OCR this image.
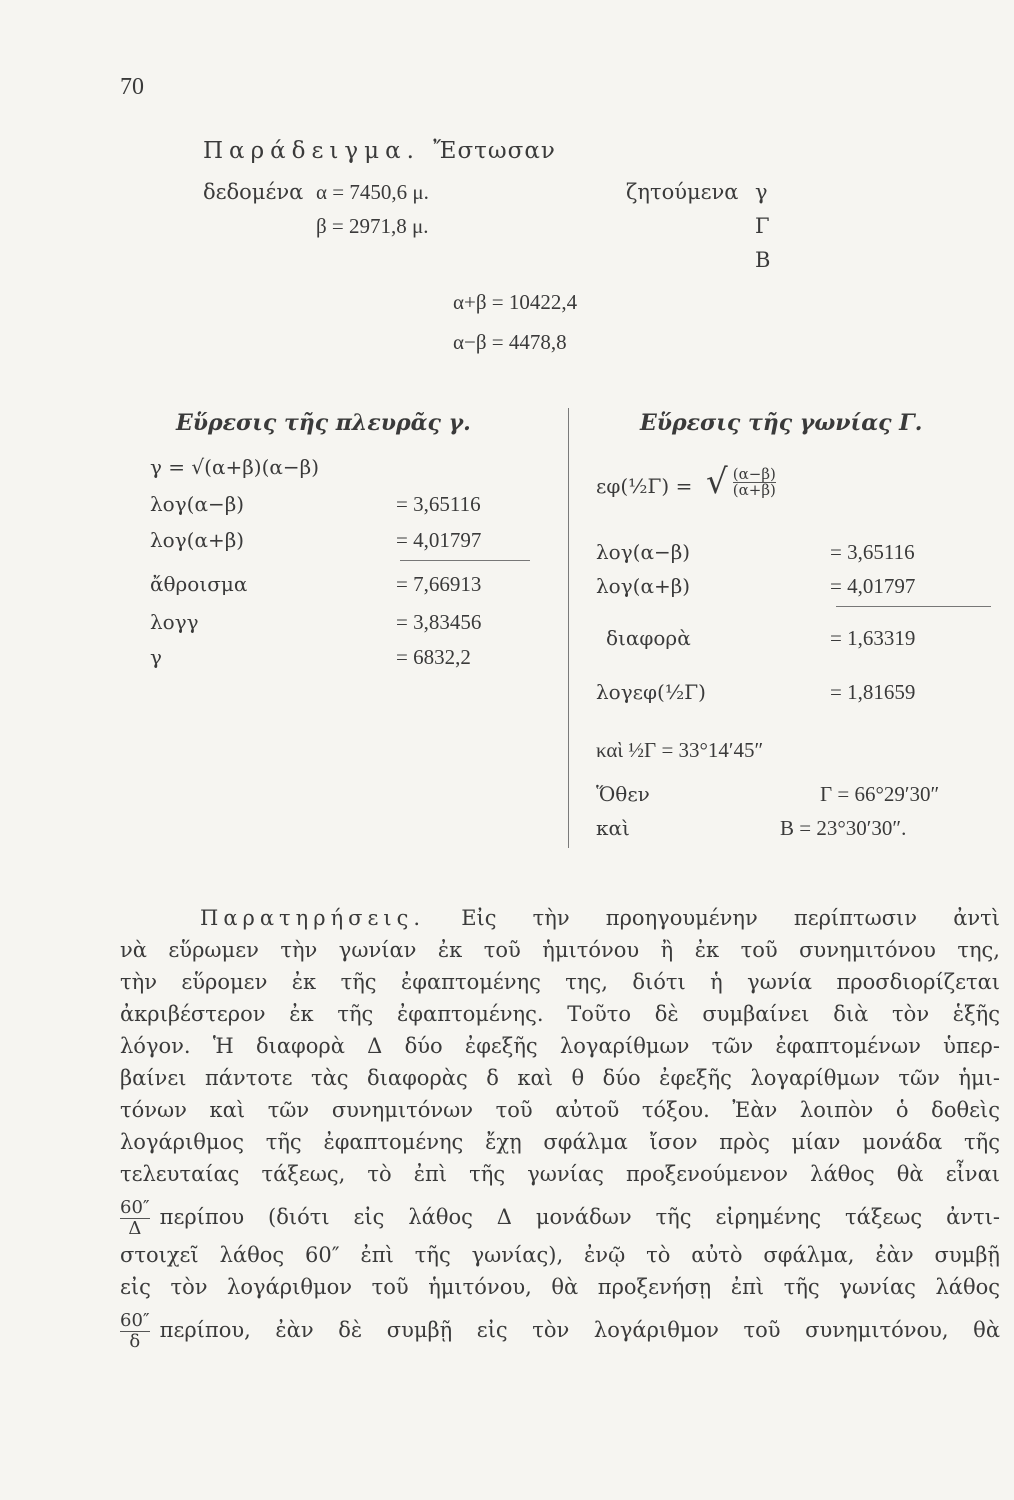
70
Παράδειγμα. Ἔστωσαν
δεδομένα α = 7450,6 μ.
β = 2971,8 μ.
ζητούμενα γ
Γ
Β
α+β = 10422,4
α−β = 4478,8
Εὕρεσις τῆς πλευρᾶς γ.	Εὕρεσις τῆς γωνίας Γ.
γ = √(α+β)(α−β)
λογ(α−β)	= 3,65116
λογ(α+β)	= 4,01797
ἄθροισμα	= 7,66913
λογγ	= 3,83456
γ	= 6832,2
εφ(½Γ) = √ $\frac{(\alpha-\beta)}{(\alpha+\beta)}$
λογ(α−β)	= 3,65116
λογ(α+β)	= 4,01797
διαφορὰ	= 1,63319
λογεφ(½Γ)	= 1,81659
καὶ ½Γ = 33°14′45″
Ὅθεν	Γ = 66°29′30″
καὶ	Β = 23°30′30″.

Παρατηρήσεις. Εἰς τὴν προηγουμένην περίπτωσιν ἀντὶ

νὰ εὕρωμεν τὴν γωνίαν ἐκ τοῦ ἡμιτόνου ἢ ἐκ τοῦ συνημιτόνου της,

τὴν εὕρομεν ἐκ τῆς ἐφαπτομένης της, διότι ἡ γωνία προσδιορίζεται

ἀκριβέστερον ἐκ τῆς ἐφαπτομένης. Τοῦτο δὲ συμβαίνει διὰ τὸν ἑξῆς

λόγον. Ἡ διαφορὰ Δ δύο ἐφεξῆς λογαρίθμων τῶν ἐφαπτομένων ὑπερ-

βαίνει πάντοτε τὰς διαφορὰς δ καὶ θ δύο ἐφεξῆς λογαρίθμων τῶν ἡμι-

τόνων καὶ τῶν συνημιτόνων τοῦ αὐτοῦ τόξου. Ἐὰν λοιπὸν ὁ δοθεὶς

λογάριθμος τῆς ἐφαπτομένης ἔχῃ σφάλμα ἴσον πρὸς μίαν μονάδα τῆς

τελευταίας τάξεως, τὸ ἐπὶ τῆς γωνίας προξενούμενον λάθος θὰ εἶναι

$\frac{60''}{\Delta}$ περίπου (διότι εἰς λάθος Δ μονάδων τῆς εἰρημένης τάξεως ἀντι-

στοιχεῖ λάθος 60″ ἐπὶ τῆς γωνίας), ἐνῷ τὸ αὐτὸ σφάλμα, ἐὰν συμβῇ

εἰς τὸν λογάριθμον τοῦ ἡμιτόνου, θὰ προξενήσῃ ἐπὶ τῆς γωνίας λάθος

$\frac{60''}{\delta} \pi\varepsilon\rho ί\pi o\upsilon$, ἐὰν δὲ συμβῇ εἰς τὸν λογάριθμον τοῦ συνημιτόνου, θὰ
